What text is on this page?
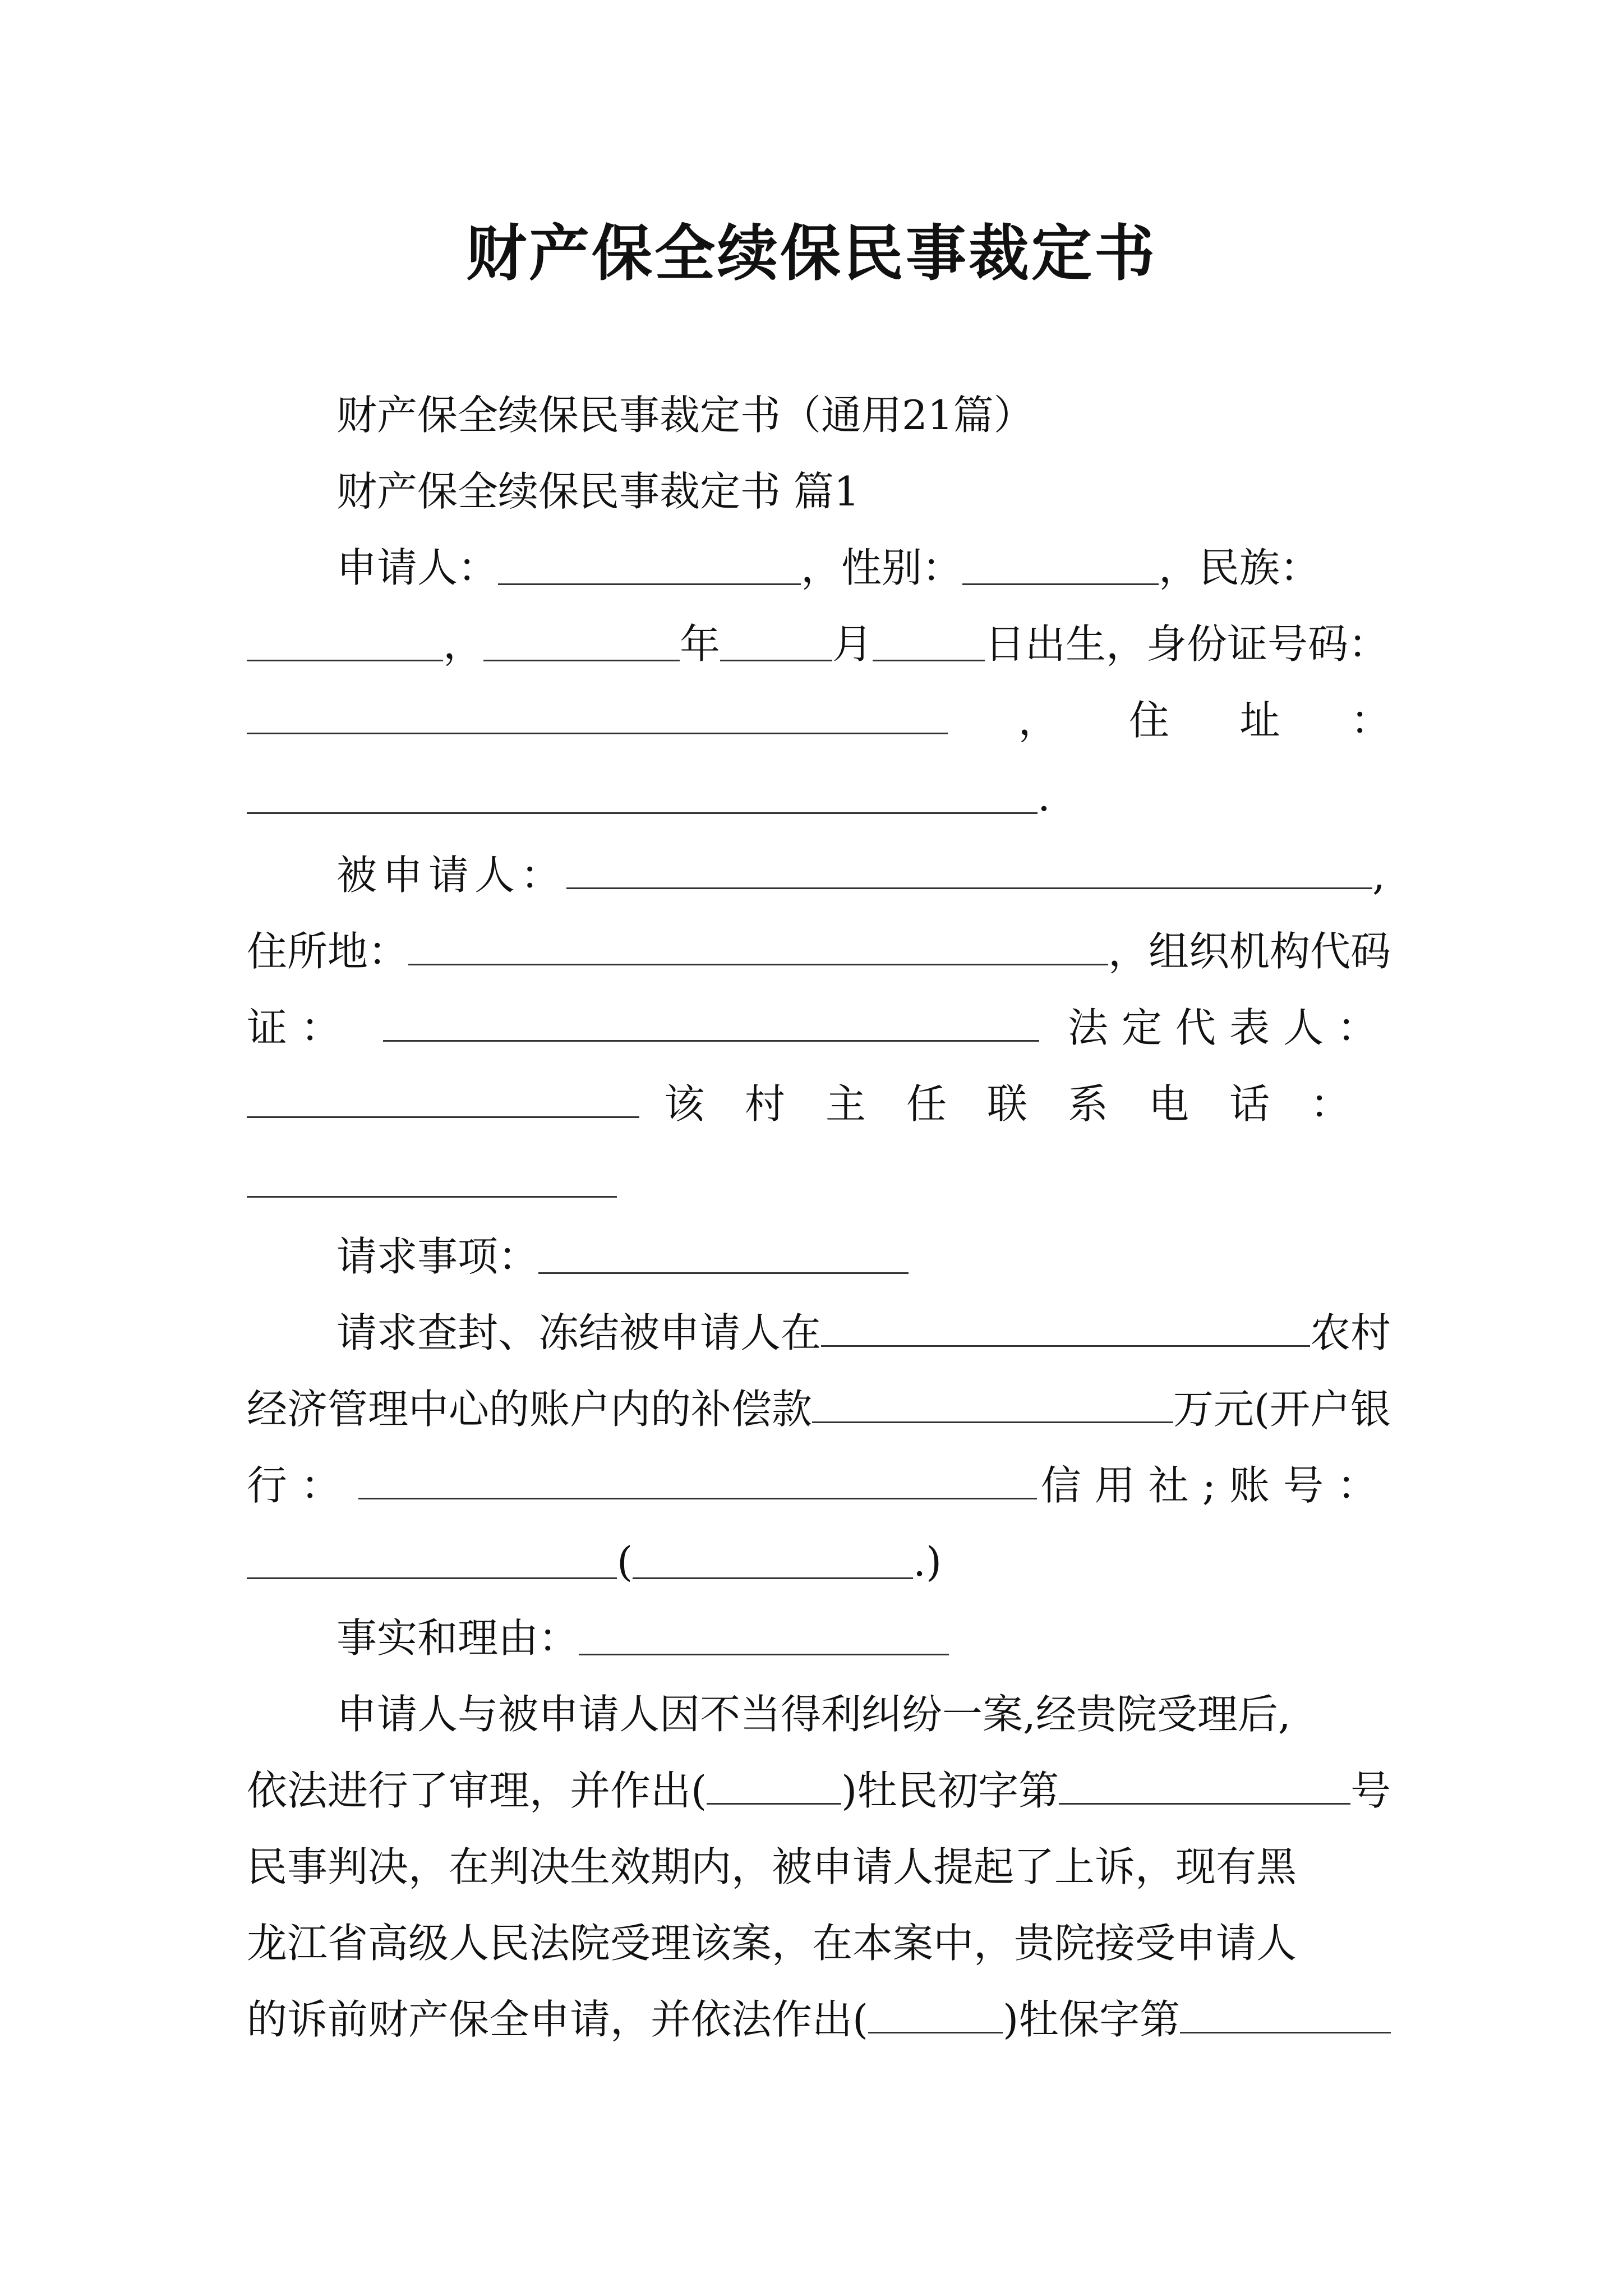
财产保全续保民事裁定书
财产保全续保民事裁定书（通用21篇）
财产保全续保民事裁定书 篇1
申请人：	，性别：	，民族：
，	年	月	日出生，身份证号码：
， 住 址 ：
.
被申请人：	,
住所地：	，组织机构代码
证：	法定代表人：
该村主任联系电话：
请求事项：
请求查封、冻结被申请人在	农村
经济管理中心的账户内的补偿款	万元(开户银
行：	信用社;账号：
(	.)
事实和理由：
申请人与被申请人因不当得利纠纷一案,经贵院受理后,
依法进行了审理，并作出(	)牡民初字第	号
民事判决，在判决生效期内，被申请人提起了上诉，现有黑
龙江省高级人民法院受理该案，在本案中，贵院接受申请人
的诉前财产保全申请，并依法作出(	)牡保字第
